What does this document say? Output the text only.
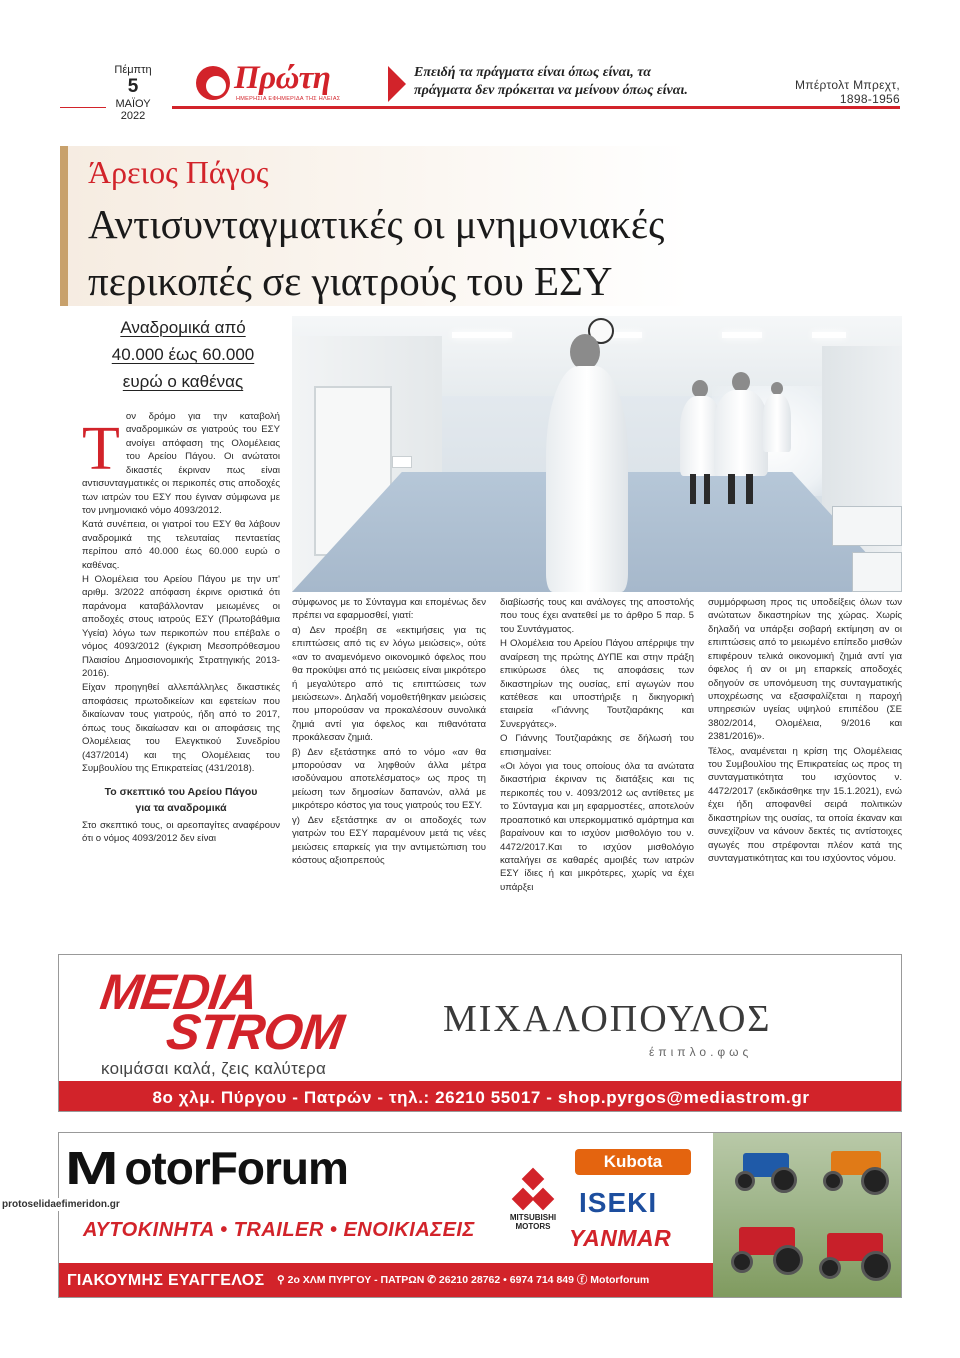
Πέμπτη

5
ΜΑΪΟΥ
2022
Πρώτη
ΗΜΕΡΗΣΙΑ ΕΦΗΜΕΡΙΔΑ ΤΗΣ ΗΛΕΙΑΣ
Επειδή τα πράγματα είναι όπως είναι, τα
πράγματα δεν πρόκειται να μείνουν όπως είναι.	Μπέρτολτ Μπρεχτ,
1898-1956
Άρειος Πάγος
Αντισυνταγματικές οι μνημονιακές
περικοπές σε γιατρούς του ΕΣΥ
Αναδρομικά από
40.000 έως 60.000
ευρώ ο καθένας
Τ ον δρόμο για την καταβολή αναδρομικών σε γιατρούς του ΕΣΥ ανοίγει απόφαση της Ολομέλειας του Αρείου Πάγου. Οι ανώτατοι δικαστές έκριναν πως είναι αντισυνταγματικές οι περικοπές στις αποδοχές των ιατρών του ΕΣΥ που έγιναν σύμφωνα με τον μνημονιακό νόμο 4093/2012.

Κατά συνέπεια, οι γιατροί του ΕΣΥ θα λάβουν αναδρομικά της τελευταίας πενταετίας περίπου από 40.000 έως 60.000 ευρώ ο καθένας.

Η Ολομέλεια του Αρείου Πάγου με την υπ' αριθμ. 3/2022 απόφαση έκρινε οριστικά ότι παράνομα καταβάλλονταν μειωμένες οι αποδοχές στους ιατρούς ΕΣΥ (Πρωτοβάθμια Υγεία) λόγω των περικοπών που επέβαλε ο νόμος 4093/2012 (έγκριση Μεσοπρόθεσμου Πλαισίου Δημοσιονομικής Στρατηγικής 2013-2016).

Είχαν προηγηθεί αλλεπάλληλες δικαστικές αποφάσεις πρωτοδικείων και εφετείων που δικαίωναν τους γιατρούς, ήδη από το 2017, όπως τους δικαίωσαν και οι αποφάσεις της Ολομέλειας του Ελεγκτικού Συνεδρίου (437/2014) και της Ολομέλειας του Συμβουλίου της Επικρατείας (431/2018).

Το σκεπτικό του Αρείου Πάγου
για τα αναδρομικά

Στο σκεπτικό τους, οι αρεοπαγίτες αναφέρουν ότι ο νόμος 4093/2012 δεν είναι

σύμφωνος με το Σύνταγμα και επομένως δεν πρέπει να εφαρμοσθεί, γιατί:

α) Δεν προέβη σε «εκτιμήσεις για τις επιπτώσεις από τις εν λόγω μειώσεις», ούτε «αν το αναμενόμενο οικονομικό όφελος που θα προκύψει από τις μειώσεις είναι μικρότερο ή μεγαλύτερο από τις επιπτώσεις των μειώσεων». Δηλαδή νομοθετήθηκαν μειώσεις που μπορούσαν να προκαλέσουν συνολικά ζημιά αντί για όφελος και πιθανότατα προκάλεσαν ζημιά.

β) Δεν εξετάστηκε από το νόμο «αν θα μπορούσαν να ληφθούν άλλα μέτρα ισοδύναμου αποτελέσματος» ως προς τη μείωση των δημοσίων δαπανών, αλλά με μικρότερο κόστος για τους γιατρούς του ΕΣΥ.

γ) Δεν εξετάστηκε αν οι αποδοχές των γιατρών του ΕΣΥ παραμένουν μετά τις νέες μειώσεις επαρκείς για την αντιμετώπιση του κόστους αξιοπρεπούς

διαβίωσής τους και ανάλογες της αποστολής που τους έχει ανατεθεί με το άρθρο 5 παρ. 5 του Συντάγματος.

Η Ολομέλεια του Αρείου Πάγου απέρριψε την αναίρεση της πρώτης ΔΥΠΕ και στην πράξη επικύρωσε όλες τις αποφάσεις των δικαστηρίων της ουσίας, επί αγωγών που κατέθεσε και υποστήριξε η δικηγορική εταιρεία «Γιάννης Τουτζιαράκης και Συνεργάτες».

Ο Γιάννης Τουτζιαράκης σε δήλωσή του επισημαίνει:

«Οι λόγοι για τους οποίους όλα τα ανώτατα δικαστήρια έκριναν τις διατάξεις και τις περικοπές του ν. 4093/2012 ως αντίθετες με το Σύνταγμα και μη εφαρμοστέες, αποτελούν προαποτικό και υπερκομματικό αμάρτημα και βαραίνουν και το ισχύον μισθολόγιο του ν. 4472/2017.Και το ισχύον μισθολόγιο καταλήγει σε καθαρές αμοιβές των ιατρών ΕΣΥ ίδιες ή και μικρότερες, χωρίς να έχει υπάρξει

συμμόρφωση προς τις υποδείξεις όλων των ανώτατων δικαστηρίων της χώρας. Χωρίς δηλαδή να υπάρξει σοβαρή εκτίμηση αν οι επιπτώσεις από το μειωμένο επίπεδο μισθών επιφέρουν τελικά οικονομική ζημιά αντί για όφελος ή αν οι μη επαρκείς αποδοχές οδηγούν σε υπονόμευση της συνταγματικής υποχρέωσης να εξασφαλίζεται η παροχή υπηρεσιών υγείας υψηλού επιπέδου (ΣΕ 3802/2014, Ολομέλεια, 9/2016 και 2381/2016)».

Τέλος, αναμένεται η κρίση της Ολομέλειας του Συμβουλίου της Επικρατείας ως προς τη συνταγματικότητα του ισχύοντος ν. 4472/2017 (εκδικάσθηκε την 15.1.2021), ενώ έχει ήδη αποφανθεί σειρά πολιτικών δικαστηρίων της ουσίας, τα οποία έκαναν και συνεχίζουν να κάνουν δεκτές τις αντίστοιχες αγωγές που στρέφονται πλέον κατά της συνταγματικότητας και του ισχύοντος νόμου.

MEDIA
STROM
κοιμάσαι καλά, ζεις καλύτερα
ΜΙΧΑΛΟΠΟΥΛΟΣ
έπιπλο.φως
8ο χλμ. Πύργου - Πατρών - τηλ.: 26210 55017 - shop.pyrgos@mediastrom.gr
M otorForum
ΑΥΤΟΚΙΝΗΤΑ • TRAILER • ΕΝΟΙΚΙΑΣΕΙΣ
MITSUBISHI
MOTORS
Kubota
ISEKI
YANMAR
ΓΙΑΚΟΥΜΗΣ ΕΥΑΓΓΕΛΟΣ ⚲ 2ο ΧΛΜ ΠΥΡΓΟΥ - ΠΑΤΡΩΝ ✆ 26210 28762 • 6974 714 849 ⓕ Motorforum
protoselidaefimeridon.gr
